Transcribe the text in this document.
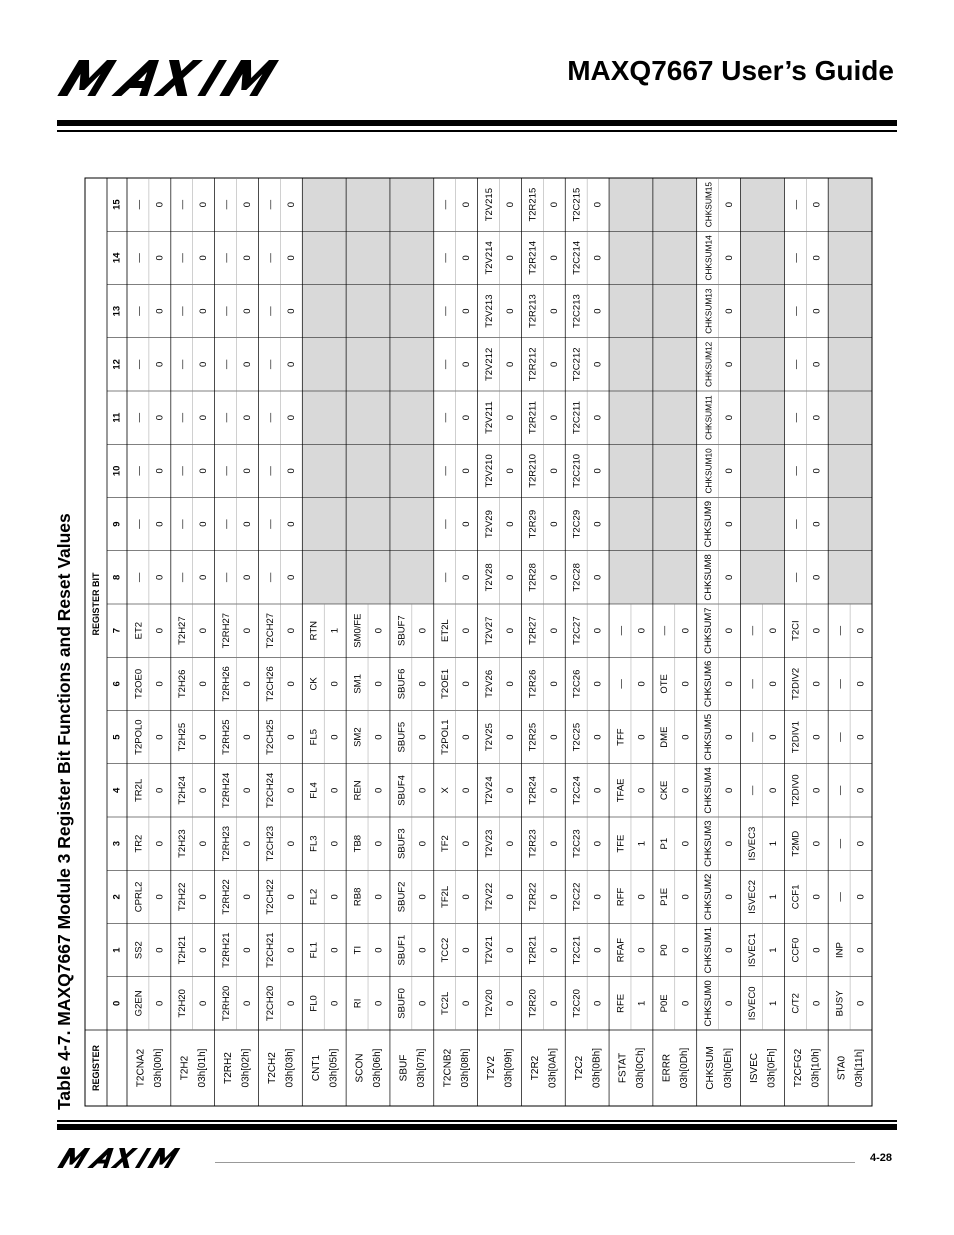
MAXQ7667 User’s Guide
4-28
Table 4-7. MAXQ7667 Module 3 Register Bit Functions and Reset Values	REGISTER
REGISTER BIT
15
14
13
12
11
10
9
8
7
6
5
4
3
2
1
0
T2CNA2 03h[00h]
— 0
— 0
— 0
— 0
— 0
— 0
— 0
— 0
ET2 0
T2OE0 0
T2POL0 0
TR2L 0
TR2 0
CPRL2 0
SS2 0
G2EN 0
T2H2 03h[01h]
— 0
— 0
— 0
— 0
— 0
— 0
— 0
— 0
T2H27 0
T2H26 0
T2H25 0
T2H24 0
T2H23 0
T2H22 0
T2H21 0
T2H20 0
T2RH2 03h[02h]
— 0
— 0
— 0
— 0
— 0
— 0
— 0
— 0
T2RH27 0
T2RH26 0
T2RH25 0
T2RH24 0
T2RH23 0
T2RH22 0
T2RH21 0
T2RH20 0
T2CH2 03h[03h]
— 0
— 0
— 0
— 0
— 0
— 0
— 0
— 0
T2CH27 0
T2CH26 0
T2CH25 0
T2CH24 0
T2CH23 0
T2CH22 0
T2CH21 0
T2CH20 0
CNT1 03h[05h]
RTN 1
CK 0
FL5 0
FL4 0
FL3 0
FL2 0
FL1 0
FL0 0
SCON 03h[06h]
SM0/FE 0
SM1 0
SM2 0
REN 0
TB8 0
RB8 0
TI 0
RI 0
SBUF 03h[07h]
SBUF7 0
SBUF6 0
SBUF5 0
SBUF4 0
SBUF3 0
SBUF2 0
SBUF1 0
SBUF0 0
T2CNB2 03h[08h]
— 0
— 0
— 0
— 0
— 0
— 0
— 0
— 0
ET2L 0
T2OE1 0
T2POL1 0
X 0
TF2 0
TF2L 0
TCC2 0
TC2L 0
T2V2 03h[09h]
T2V215 0
T2V214 0
T2V213 0
T2V212 0
T2V211 0
T2V210 0
T2V29 0
T2V28 0
T2V27 0
T2V26 0
T2V25 0
T2V24 0
T2V23 0
T2V22 0
T2V21 0
T2V20 0
T2R2 03h[0Ah]
T2R215 0
T2R214 0
T2R213 0
T2R212 0
T2R211 0
T2R210 0
T2R29 0
T2R28 0
T2R27 0
T2R26 0
T2R25 0
T2R24 0
T2R23 0
T2R22 0
T2R21 0
T2R20 0
T2C2 03h[0Bh]
T2C215 0
T2C214 0
T2C213 0
T2C212 0
T2C211 0
T2C210 0
T2C29 0
T2C28 0
T2C27 0
T2C26 0
T2C25 0
T2C24 0
T2C23 0
T2C22 0
T2C21 0
T2C20 0
FSTAT 03h[0Ch]
— 0
— 0
TFF 0
TFAE 0
TFE 1
RFF 0
RFAF 0
RFE 1
ERRR 03h[0Dh]
— 0
OTE 0
DME 0
CKE 0
P1 0
P1E 0
P0 0
P0E 0
CHKSUM 03h[0Eh]
CHKSUM15 0
CHKSUM14 0
CHKSUM13 0
CHKSUM12 0
CHKSUM11 0
CHKSUM10 0
CHKSUM9 0
CHKSUM8 0
CHKSUM7 0
CHKSUM6 0
CHKSUM5 0
CHKSUM4 0
CHKSUM3 0
CHKSUM2 0
CHKSUM1 0
CHKSUM0 0
ISVEC 03h[0Fh]
— 0
— 0
— 0
— 0
ISVEC3 1
ISVEC2 1
ISVEC1 1
ISVEC0 1
T2CFG2 03h[10h]
— 0
— 0
— 0
— 0
— 0
— 0
— 0
— 0
T2CI 0
T2DIV2 0
T2DIV1 0
T2DIV0 0
T2MD 0
CCF1 0
CCF0 0
C/T2 0
STA0 03h[11h]
— 0
— 0
— 0
— 0
— 0
— 0
INP 0
BUSY 0
